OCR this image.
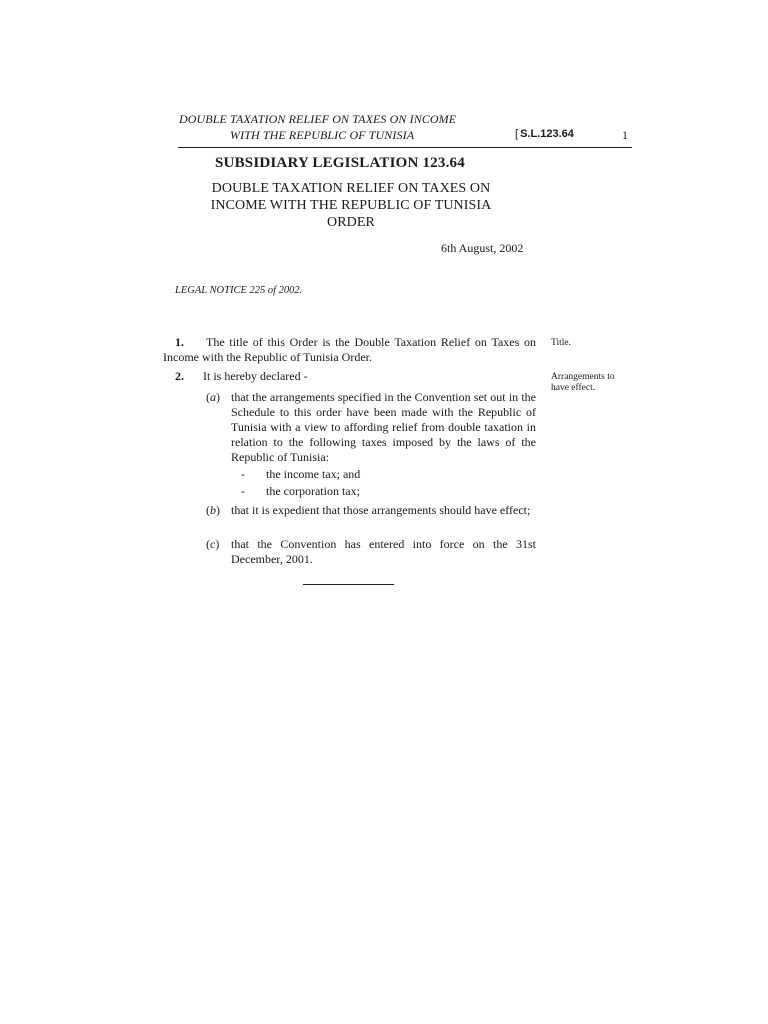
DOUBLE TAXATION RELIEF ON TAXES ON INCOME
WITH THE REPUBLIC OF TUNISIA	[ S.L.123.64	1
SUBSIDIARY LEGISLATION 123.64
DOUBLE TAXATION RELIEF ON TAXES ON
INCOME WITH THE REPUBLIC OF TUNISIA
ORDER
6th August, 2002
LEGAL NOTICE 225 of 2002.
1. The title of this Order is the Double Taxation Relief on Taxes on Income with the Republic of Tunisia Order.
Title.
2. It is hereby declared -	Arrangements to
have effect.
(a) that the arrangements specified in the Convention set out in the Schedule to this order have been made with the Republic of Tunisia with a view to affording relief from double taxation in relation to the following taxes imposed by the laws of the Republic of Tunisia:
- the income tax; and
- the corporation tax;
(b) that it is expedient that those arrangements should have effect;
(c) that the Convention has entered into force on the 31st December, 2001.
